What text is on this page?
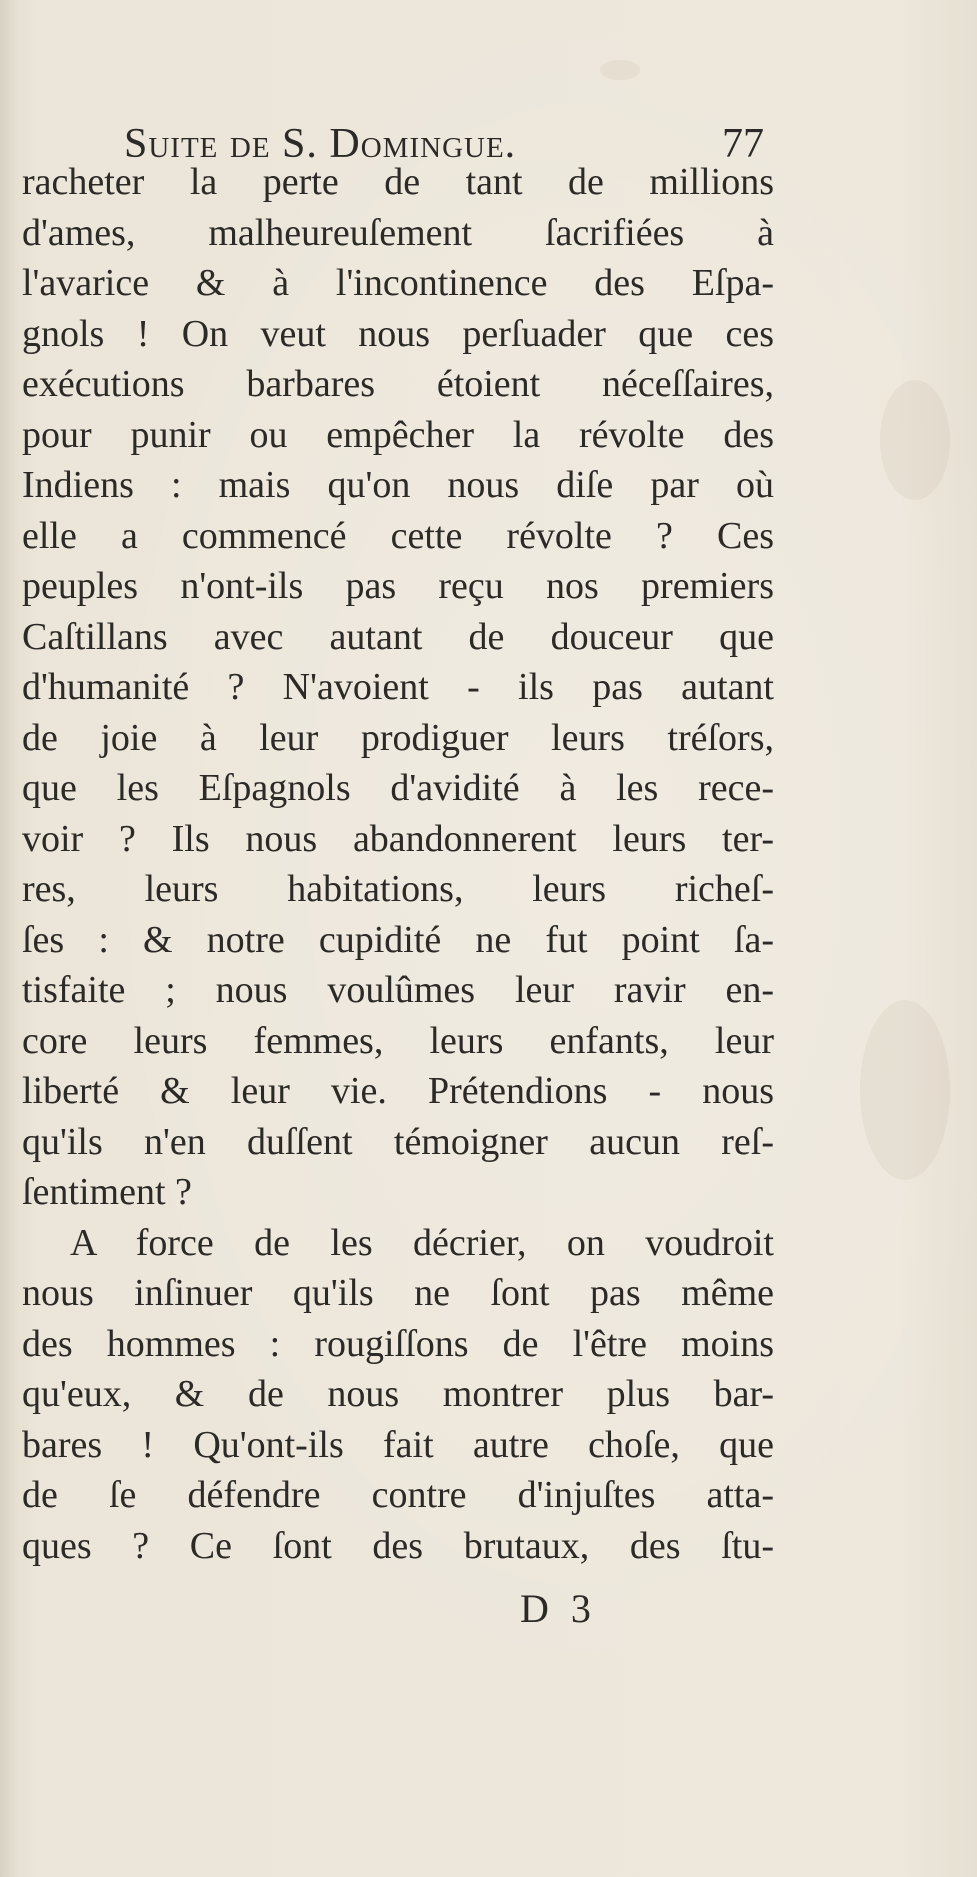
Suite de S. Domingue.	77
racheter la perte de tant de millions
d'ames, malheureuſement ſacrifiées à
l'avarice & à l'incontinence des Eſpa-
gnols ! On veut nous perſuader que ces
exécutions barbares étoient néceſſaires,
pour punir ou empêcher la révolte des
Indiens : mais qu'on nous diſe par où
elle a commencé cette révolte ? Ces
peuples n'ont-ils pas reçu nos premiers
Caſtillans avec autant de douceur que
d'humanité ? N'avoient - ils pas autant
de joie à leur prodiguer leurs tréſors,
que les Eſpagnols d'avidité à les rece-
voir ? Ils nous abandonnerent leurs ter-
res, leurs habitations, leurs richeſ-
ſes : & notre cupidité ne fut point ſa-
tisfaite ; nous voulûmes leur ravir en-
core leurs femmes, leurs enfants, leur
liberté & leur vie. Prétendions - nous
qu'ils n'en duſſent témoigner aucun reſ-
ſentiment ?
A force de les décrier, on voudroit
nous inſinuer qu'ils ne ſont pas même
des hommes : rougiſſons de l'être moins
qu'eux, & de nous montrer plus bar-
bares ! Qu'ont-ils fait autre choſe, que
de ſe défendre contre d'injuſtes atta-
ques ? Ce ſont des brutaux, des ſtu-
D 3
